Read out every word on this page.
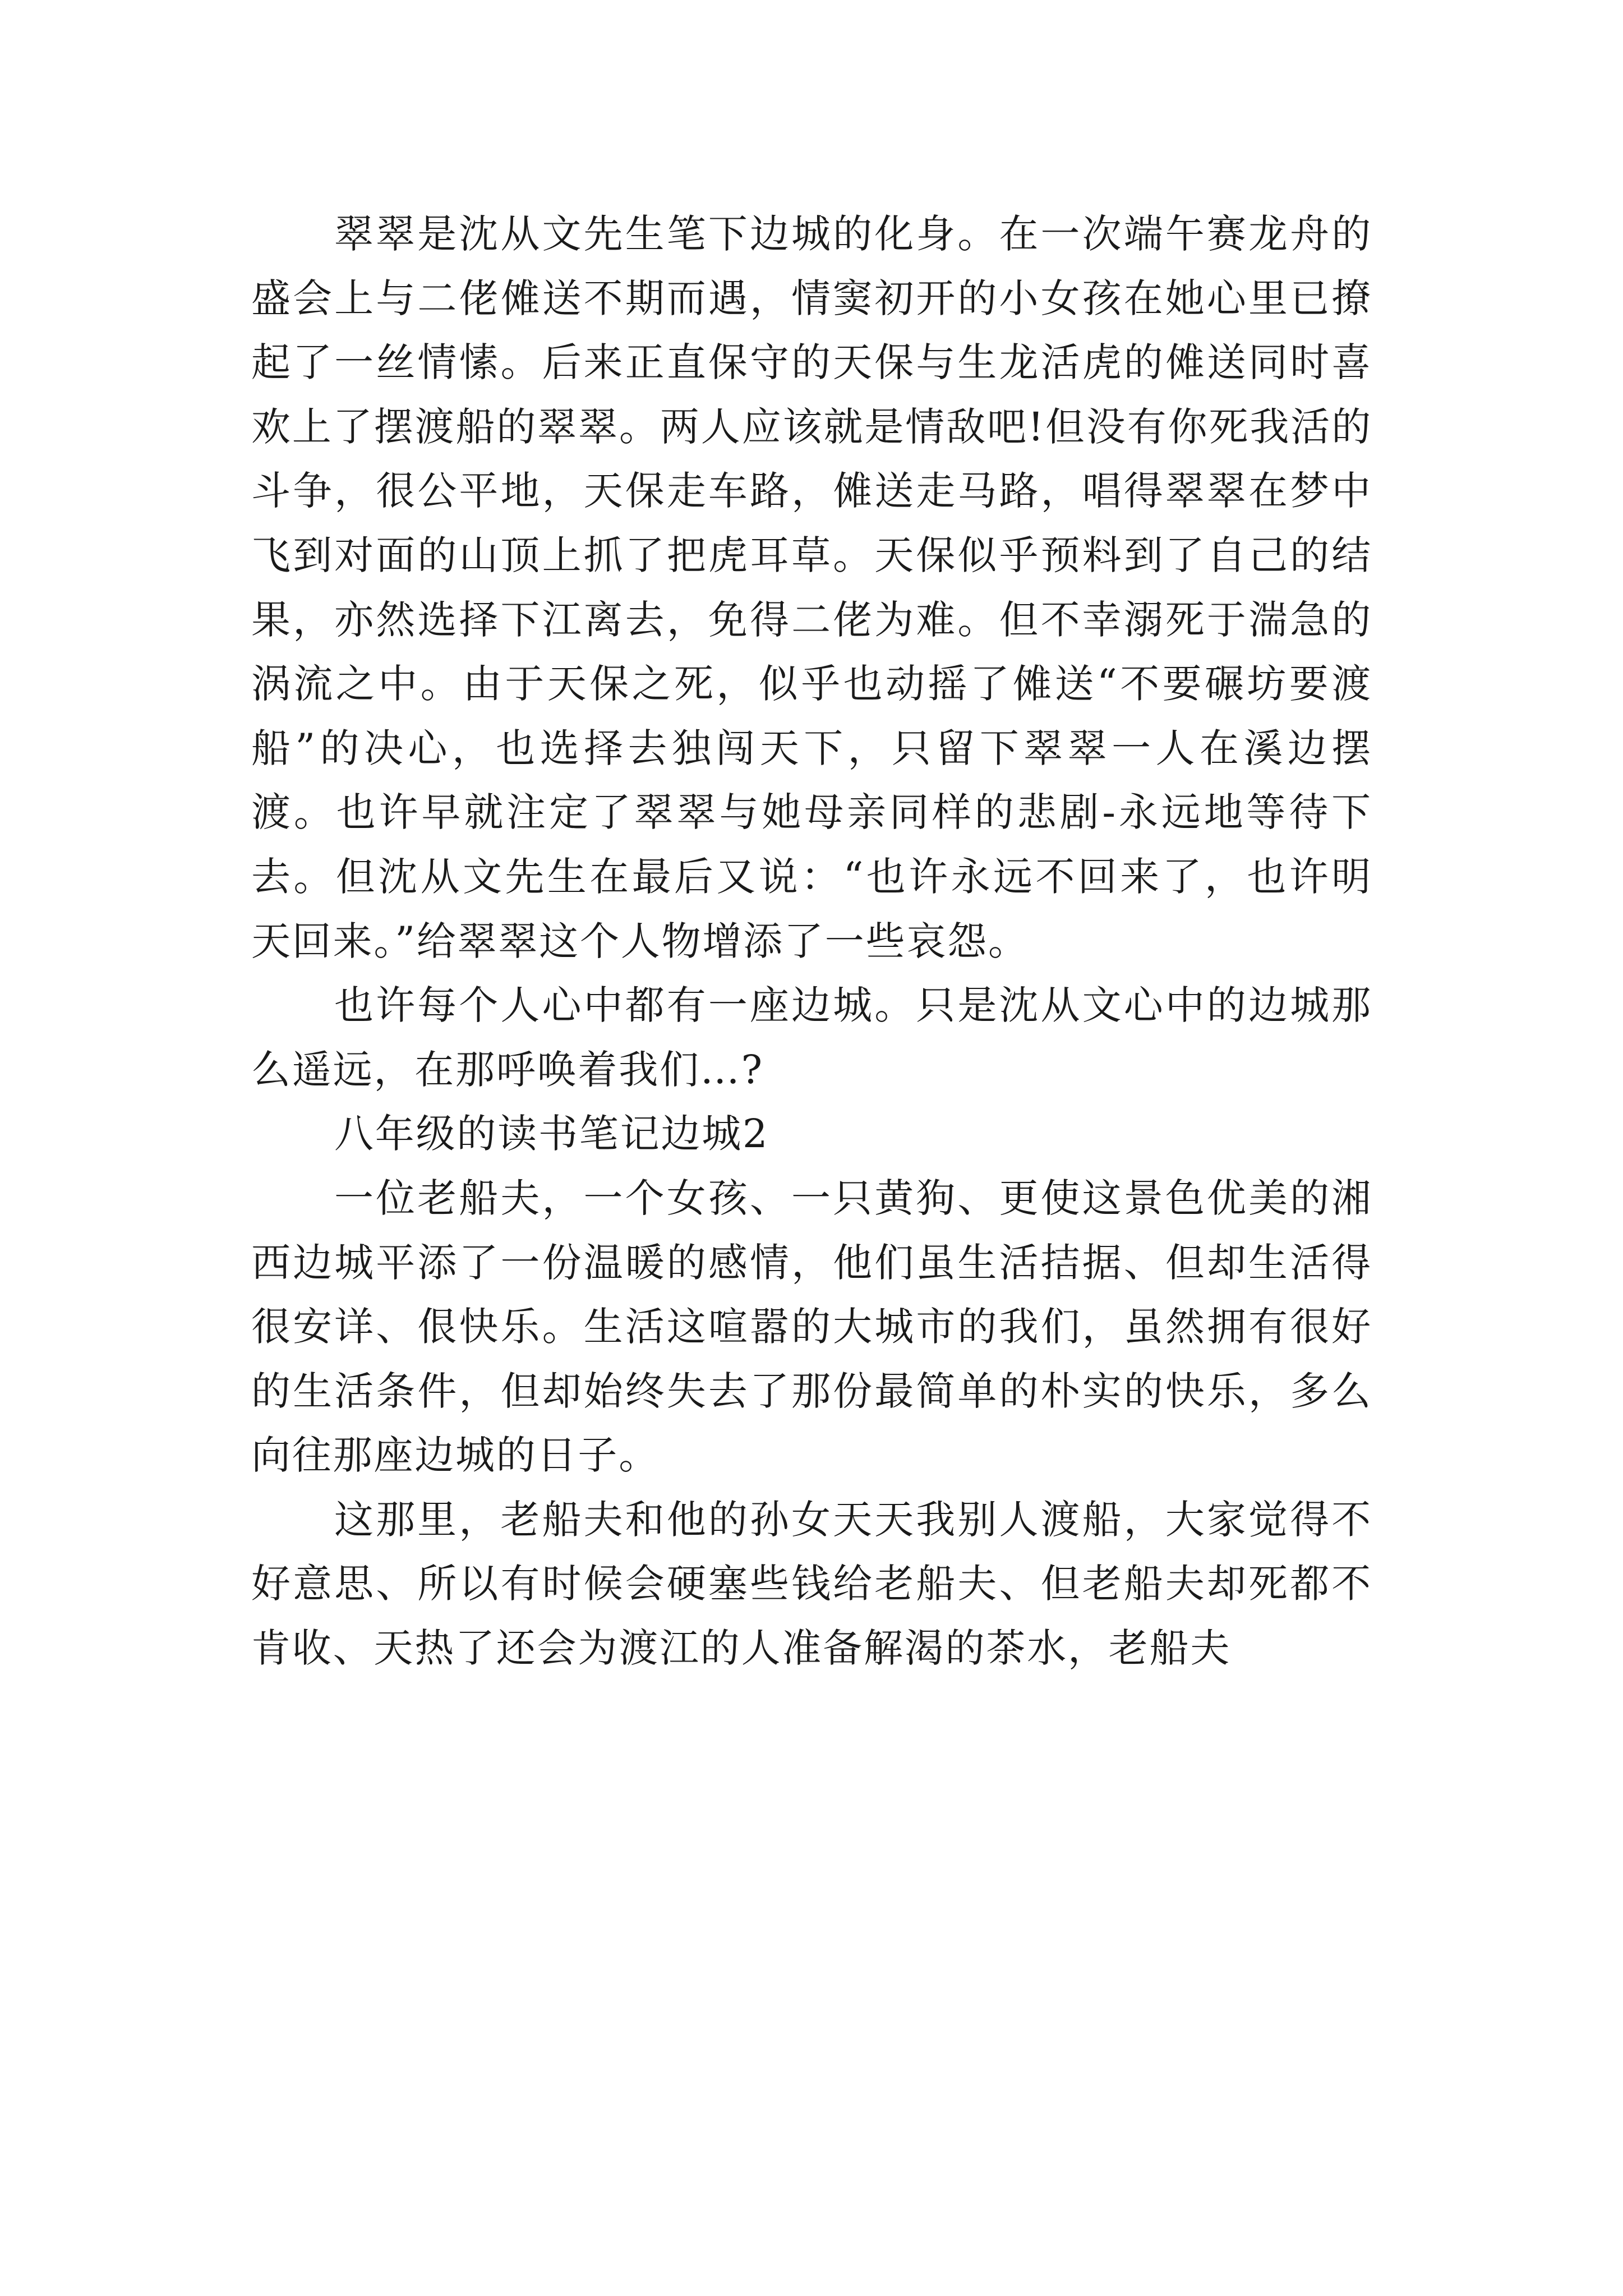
翠翠是沈从文先生笔下边城的化身。在一次端午赛龙舟的盛会上与二佬傩送不期而遇，情窦初开的小女孩在她心里已撩起了一丝情愫。后来正直保守的天保与生龙活虎的傩送同时喜欢上了摆渡船的翠翠。两人应该就是情敌吧!但没有你死我活的斗争，很公平地，天保走车路，傩送走马路，唱得翠翠在梦中飞到对面的山顶上抓了把虎耳草。天保似乎预料到了自己的结果，亦然选择下江离去，免得二佬为难。但不幸溺死于湍急的涡流之中。由于天保之死，似乎也动摇了傩送“不要碾坊要渡船”的决心，也选择去独闯天下，只留下翠翠一人在溪边摆渡。也许早就注定了翠翠与她母亲同样的悲剧-永远地等待下去。但沈从文先生在最后又说：“也许永远不回来了，也许明天回来。”给翠翠这个人物增添了一些哀怨。

也许每个人心中都有一座边城。只是沈从文心中的边城那么遥远，在那呼唤着我们…?

八年级的读书笔记边城2

一位老船夫，一个女孩、一只黄狗、更使这景色优美的湘西边城平添了一份温暖的感情，他们虽生活拮据、但却生活得很安详、佷快乐。生活这喧嚣的大城市的我们，虽然拥有很好的生活条件，但却始终失去了那份最简单的朴实的快乐，多么向往那座边城的日子。

这那里，老船夫和他的孙女天天我别人渡船，大家觉得不好意思、所以有时候会硬塞些钱给老船夫、但老船夫却死都不肯收、天热了还会为渡江的人准备解渴的茶水，老船夫
